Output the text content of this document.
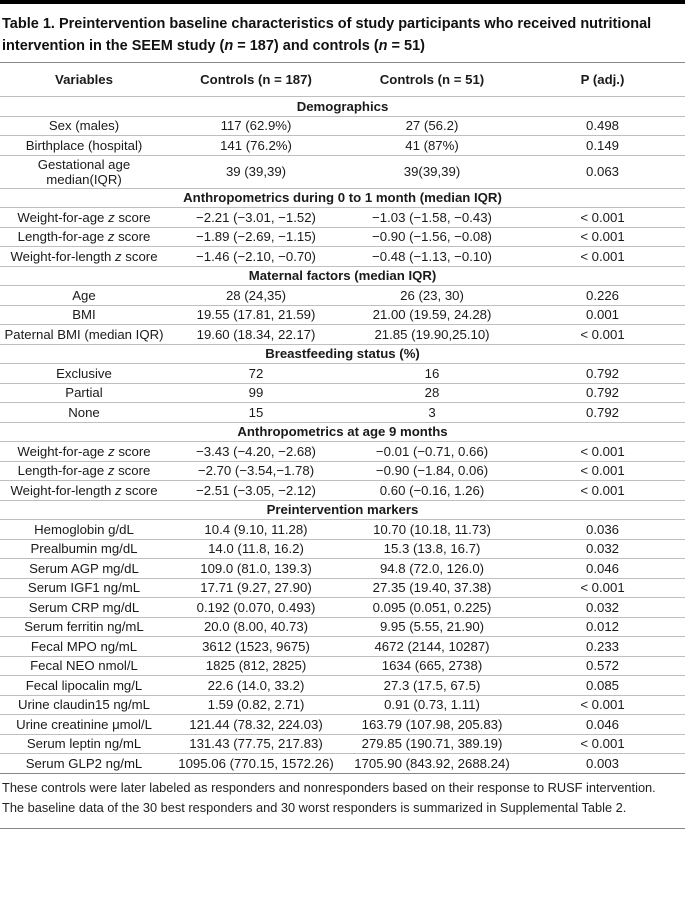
Table 1. Preintervention baseline characteristics of study participants who received nutritional intervention in the SEEM study (n = 187) and controls (n = 51)
Variables	Controls (n = 187)	Controls (n = 51)	P (adj.)
Demographics			
Sex (males)	117 (62.9%)	27 (56.2)	0.498
Birthplace (hospital)	141 (76.2%)	41 (87%)	0.149
Gestational age median(IQR)	39 (39,39)	39(39,39)	0.063
Anthropometrics during 0 to 1 month (median IQR)			
Weight-for-age z score	−2.21 (−3.01, −1.52)	−1.03 (−1.58, −0.43)	< 0.001
Length-for-age z score	−1.89 (−2.69, −1.15)	−0.90 (−1.56, −0.08)	< 0.001
Weight-for-length z score	−1.46 (−2.10, −0.70)	−0.48 (−1.13, −0.10)	< 0.001
Maternal factors (median IQR)			
Age	28 (24,35)	26 (23, 30)	0.226
BMI	19.55 (17.81, 21.59)	21.00 (19.59, 24.28)	0.001
Paternal BMI (median IQR)	19.60 (18.34, 22.17)	21.85 (19.90,25.10)	< 0.001
Breastfeeding status (%)			
Exclusive	72	16	0.792
Partial	99	28	0.792
None	15	3	0.792
Anthropometrics at age 9 months			
Weight-for-age z score	−3.43 (−4.20, −2.68)	−0.01 (−0.71, 0.66)	< 0.001
Length-for-age z score	−2.70 (−3.54,−1.78)	−0.90 (−1.84, 0.06)	< 0.001
Weight-for-length z score	−2.51 (−3.05, −2.12)	0.60 (−0.16, 1.26)	< 0.001
Preintervention markers			
Hemoglobin g/dL	10.4 (9.10, 11.28)	10.70 (10.18, 11.73)	0.036
Prealbumin mg/dL	14.0 (11.8, 16.2)	15.3 (13.8, 16.7)	0.032
Serum AGP mg/dL	109.0 (81.0, 139.3)	94.8 (72.0, 126.0)	0.046
Serum IGF1 ng/mL	17.71 (9.27, 27.90)	27.35 (19.40, 37.38)	< 0.001
Serum CRP mg/dL	0.192 (0.070, 0.493)	0.095 (0.051, 0.225)	0.032
Serum ferritin ng/mL	20.0 (8.00, 40.73)	9.95 (5.55, 21.90)	0.012
Fecal MPO ng/mL	3612 (1523, 9675)	4672 (2144, 10287)	0.233
Fecal NEO nmol/L	1825 (812, 2825)	1634 (665, 2738)	0.572
Fecal lipocalin mg/L	22.6 (14.0, 33.2)	27.3 (17.5, 67.5)	0.085
Urine claudin15 ng/mL	1.59 (0.82, 2.71)	0.91 (0.73, 1.11)	< 0.001
Urine creatinine μmol/L	121.44 (78.32, 224.03)	163.79 (107.98, 205.83)	0.046
Serum leptin ng/mL	131.43 (77.75, 217.83)	279.85 (190.71, 389.19)	< 0.001
Serum GLP2 ng/mL	1095.06 (770.15, 1572.26)	1705.90 (843.92, 2688.24)	0.003
These controls were later labeled as responders and nonresponders based on their response to RUSF intervention. The baseline data of the 30 best responders and 30 worst responders is summarized in Supplemental Table 2.
